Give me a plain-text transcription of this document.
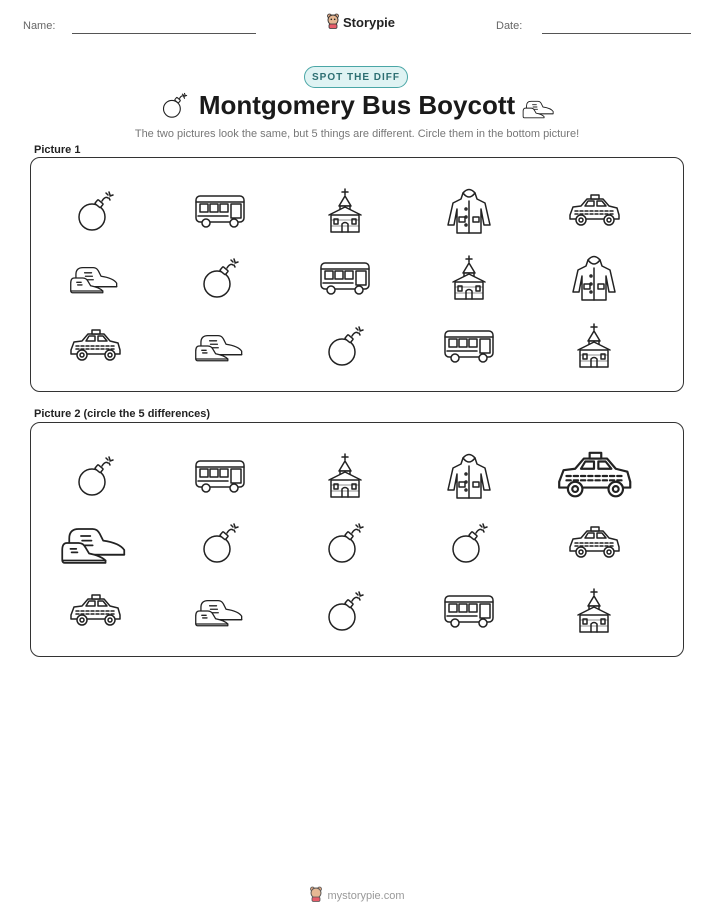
Name:	Storypie	Date:
SPOT THE DIFF
Montgomery Bus Boycott
The two pictures look the same, but 5 things are different. Circle them in the bottom picture!
Picture 1
Picture 2 (circle the 5 differences)
mystorypie.com
